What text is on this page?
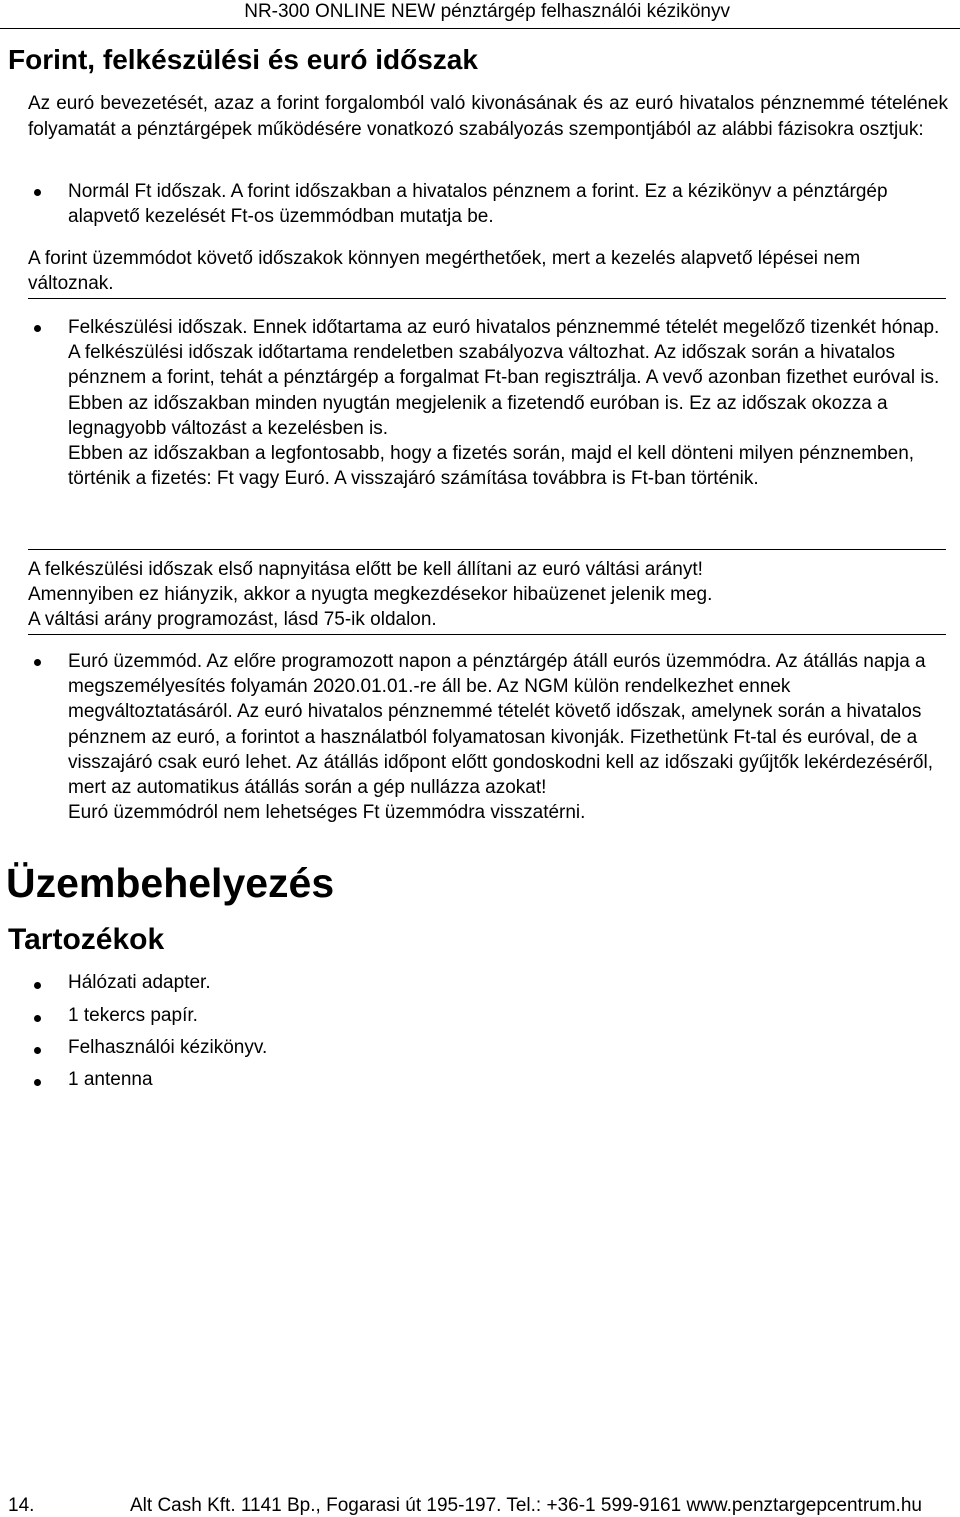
NR-300 ONLINE NEW pénztárgép felhasználói kézikönyv
Forint, felkészülési és euró időszak
Az euró bevezetését, azaz a forint forgalomból való kivonásának és az euró hivatalos pénznemmé tételének folyamatát a pénztárgépek működésére vonatkozó szabályozás szempontjából az alábbi fázisokra osztjuk:

Normál Ft időszak. A forint időszakban a hivatalos pénznem a forint. Ez a kézikönyv a pénztárgép alapvető kezelését Ft-os üzemmódban mutatja be.

A forint üzemmódot követő időszakok könnyen megérthetőek, mert a kezelés alapvető lépései nem változnak.

Felkészülési időszak. Ennek időtartama az euró hivatalos pénznemmé tételét megelőző tizenkét hónap. A felkészülési időszak időtartama rendeletben szabályozva változhat. Az időszak során a hivatalos pénznem a forint, tehát a pénztárgép a forgalmat Ft-ban regisztrálja. A vevő azonban fizethet euróval is. Ebben az időszakban minden nyugtán megjelenik a fizetendő euróban is. Ez az időszak okozza a legnagyobb változást a kezelésben is.

Ebben az időszakban a legfontosabb, hogy a fizetés során, majd el kell dönteni milyen pénznemben, történik a fizetés: Ft vagy Euró. A visszajáró számítása továbbra is Ft-ban történik.

A felkészülési időszak első napnyitása előtt be kell állítani az euró váltási arányt!

Amennyiben ez hiányzik, akkor a nyugta megkezdésekor hibaüzenet jelenik meg.

A váltási arány programozást, lásd 75-ik oldalon.

Euró üzemmód. Az előre programozott napon a pénztárgép átáll eurós üzemmódra. Az átállás napja a megszemélyesítés folyamán 2020.01.01.-re áll be. Az NGM külön rendelkezhet ennek megváltoztatásáról. Az euró hivatalos pénznemmé tételét követő időszak, amelynek során a hivatalos pénznem az euró, a forintot a használatból folyamatosan kivonják. Fizethetünk Ft-tal és euróval, de a visszajáró csak euró lehet. Az átállás időpont előtt gondoskodni kell az időszaki gyűjtők lekérdezéséről, mert az automatikus átállás során a gép nullázza azokat!

Euró üzemmódról nem lehetséges Ft üzemmódra visszatérni.

Üzembehelyezés
Tartozékok
Hálózati adapter.
1 tekercs papír.
Felhasználói kézikönyv.
1 antenna
14.	Alt Cash Kft. 1141 Bp., Fogarasi út 195-197. Tel.: +36-1 599-9161 www.penztargepcentrum.hu
